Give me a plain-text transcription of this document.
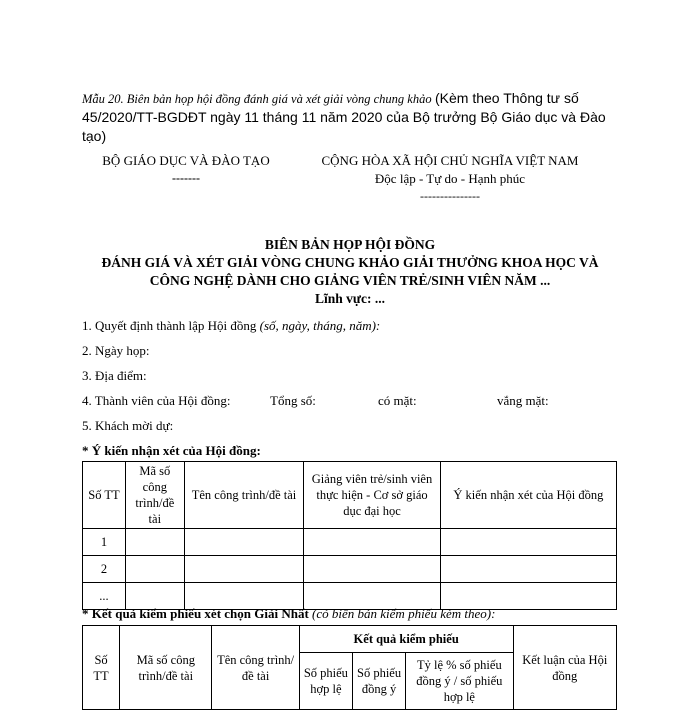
Mẫu 20. Biên bản họp hội đồng đánh giá và xét giải vòng chung khảo (Kèm theo Thông tư số 45/2020/TT-BGDĐT ngày 11 tháng 11 năm 2020 của Bộ trưởng Bộ Giáo dục và Đào tạo)
BỘ GIÁO DỤC VÀ ĐÀO TẠO
-------
CỘNG HÒA XÃ HỘI CHỦ NGHĨA VIỆT NAM
Độc lập - Tự do - Hạnh phúc
---------------
BIÊN BẢN HỌP HỘI ĐỒNG
ĐÁNH GIÁ VÀ XÉT GIẢI VÒNG CHUNG KHẢO GIẢI THƯỞNG KHOA HỌC VÀ
CÔNG NGHỆ DÀNH CHO GIẢNG VIÊN TRẺ/SINH VIÊN NĂM ...
Lĩnh vực: ...
1. Quyết định thành lập Hội đồng (số, ngày, tháng, năm):
2. Ngày họp:
3. Địa điểm:
4. Thành viên của Hội đồng:	Tổng số:	có mặt:	vắng mặt:
5. Khách mời dự:
* Ý kiến nhận xét của Hội đồng:
Số TT	Mã số công trình/đề tài	Tên công trình/đề tài	Giảng viên trẻ/sinh viên thực hiện - Cơ sở giáo dục đại học	Ý kiến nhận xét của Hội đồng
1				
2				
...				
* Kết quả kiểm phiếu xét chọn Giải Nhất (có biên bản kiểm phiếu kèm theo):
Số TT	Mã số công trình/đề tài	Tên công trình/đề tài	Kết quả kiểm phiếu			Kết luận của Hội đồng
			Số phiếu hợp lệ	Số phiếu đồng ý	Tỷ lệ % số phiếu đồng ý / số phiếu hợp lệ	
